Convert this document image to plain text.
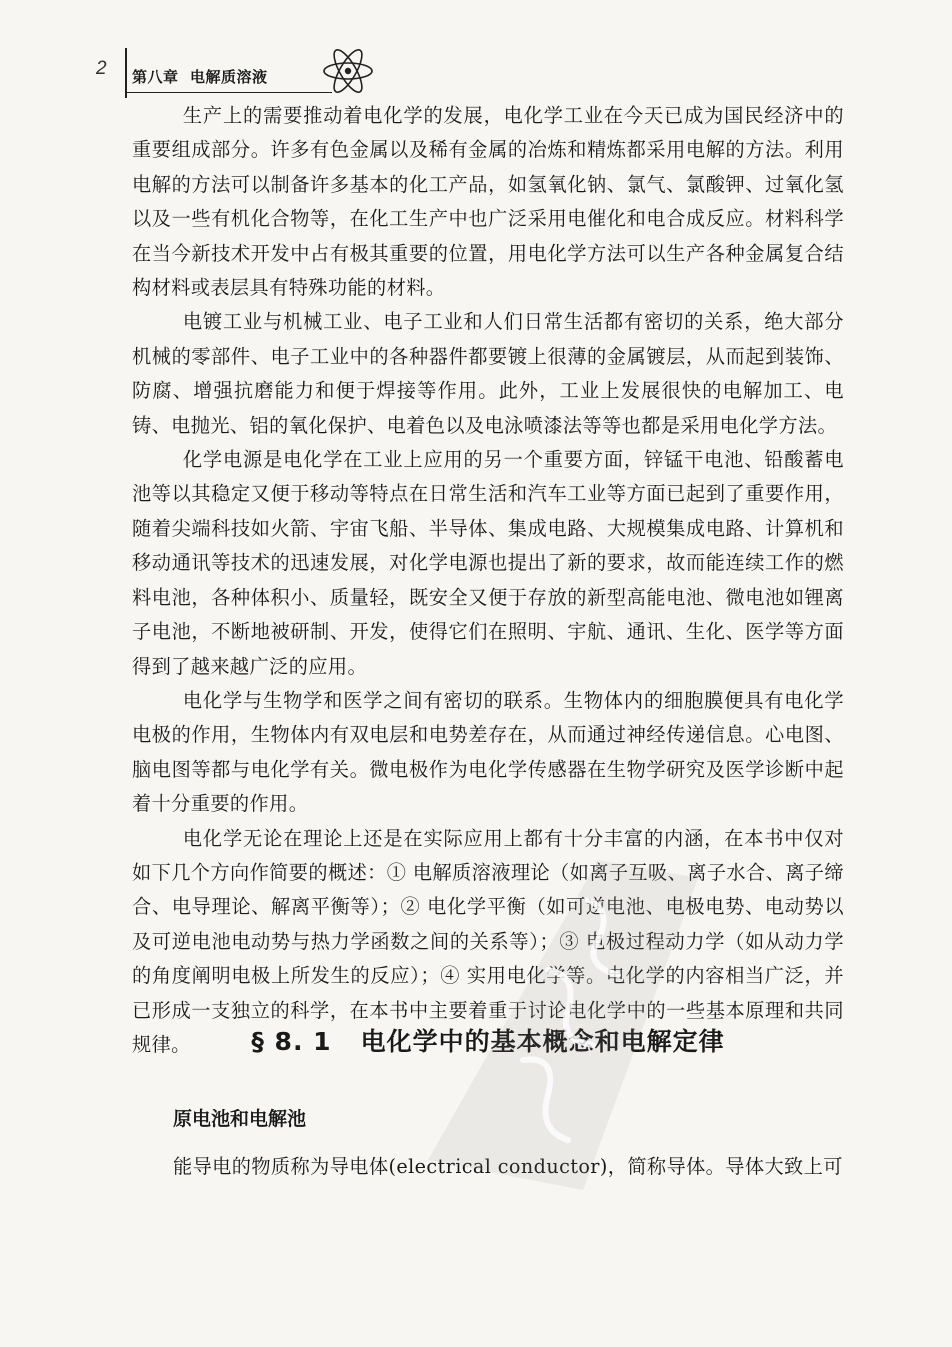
2 第八章  电解质溶液

生产上的需要推动着电化学的发展，电化学工业在今天已成为国民经济中的重要组成部分。许多有色金属以及稀有金属的冶炼和精炼都采用电解的方法。利用电解的方法可以制备许多基本的化工产品，如氢氧化钠、氯气、氯酸钾、过氧化氢以及一些有机化合物等，在化工生产中也广泛采用电催化和电合成反应。材料科学在当今新技术开发中占有极其重要的位置，用电化学方法可以生产各种金属复合结构材料或表层具有特殊功能的材料。

电镀工业与机械工业、电子工业和人们日常生活都有密切的关系，绝大部分机械的零部件、电子工业中的各种器件都要镀上很薄的金属镀层，从而起到装饰、防腐、增强抗磨能力和便于焊接等作用。此外，工业上发展很快的电解加工、电铸、电抛光、铝的氧化保护、电着色以及电泳喷漆法等等也都是采用电化学方法。

化学电源是电化学在工业上应用的另一个重要方面，锌锰干电池、铅酸蓄电池等以其稳定又便于移动等特点在日常生活和汽车工业等方面已起到了重要作用，随着尖端科技如火箭、宇宙飞船、半导体、集成电路、大规模集成电路、计算机和移动通讯等技术的迅速发展，对化学电源也提出了新的要求，故而能连续工作的燃料电池，各种体积小、质量轻，既安全又便于存放的新型高能电池、微电池如锂离子电池，不断地被研制、开发，使得它们在照明、宇航、通讯、生化、医学等方面得到了越来越广泛的应用。

电化学与生物学和医学之间有密切的联系。生物体内的细胞膜便具有电化学电极的作用，生物体内有双电层和电势差存在，从而通过神经传递信息。心电图、脑电图等都与电化学有关。微电极作为电化学传感器在生物学研究及医学诊断中起着十分重要的作用。

电化学无论在理论上还是在实际应用上都有十分丰富的内涵，在本书中仅对如下几个方向作简要的概述：① 电解质溶液理论（如离子互吸、离子水合、离子缔合、电导理论、解离平衡等）；② 电化学平衡（如可逆电池、电极电势、电动势以及可逆电池电动势与热力学函数之间的关系等）；③ 电极过程动力学（如从动力学的角度阐明电极上所发生的反应）；④ 实用电化学等。电化学的内容相当广泛，并已形成一支独立的科学，在本书中主要着重于讨论电化学中的一些基本原理和共同规律。	§ 8. 1   电化学中的基本概念和电解定律
原电池和电解池
能导电的物质称为导电体(electrical conductor)，简称导体。导体大致上可
